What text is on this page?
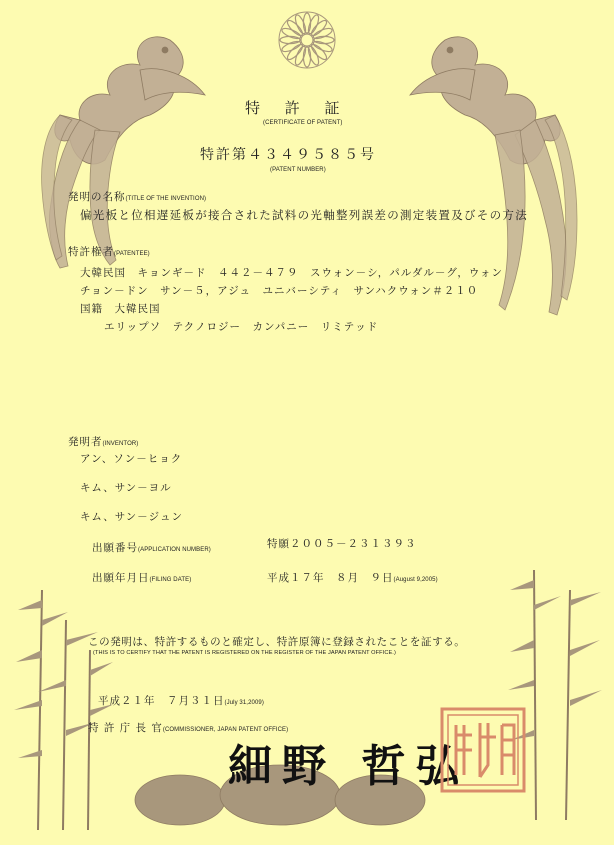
特 許 証
(CERTIFICATE OF PATENT)
特許第４３４９５８５号
(PATENT NUMBER)
発明の名称(TITLE OF THE INVENTION)
偏光板と位相遅延板が接合された試料の光軸整列誤差の測定装置及びその方法
特許権者(PATENTEE)
大韓民国　キョンギ－ド　４４２－４７９　スウォン－シ，パルダル－グ，ウォン
チョン－ドン　サン－５，アジュ　ユニバーシティ　サンハクウォン＃２１０
国籍　大韓民国
エリップソ　テクノロジー　カンパニー　リミテッド
発明者(INVENTOR)
アン、ソン－ヒョク
キム、サン－ヨル
キム、サン－ジュン
出願番号(APPLICATION NUMBER)	特願２００５－２３１３９３
出願年月日(FILING DATE)	平成１７年　８月　９日(August 9,2005)
この発明は、特許するものと確定し、特許原簿に登録されたことを証する。
(THIS IS TO CERTIFY THAT THE PATENT IS REGISTERED ON THE REGISTER OF THE JAPAN PATENT OFFICE.)
平成２１年　７月３１日(July 31,2009)
特 許 庁 長 官(COMMISSIONER, JAPAN PATENT OFFICE)
細野 哲弘
